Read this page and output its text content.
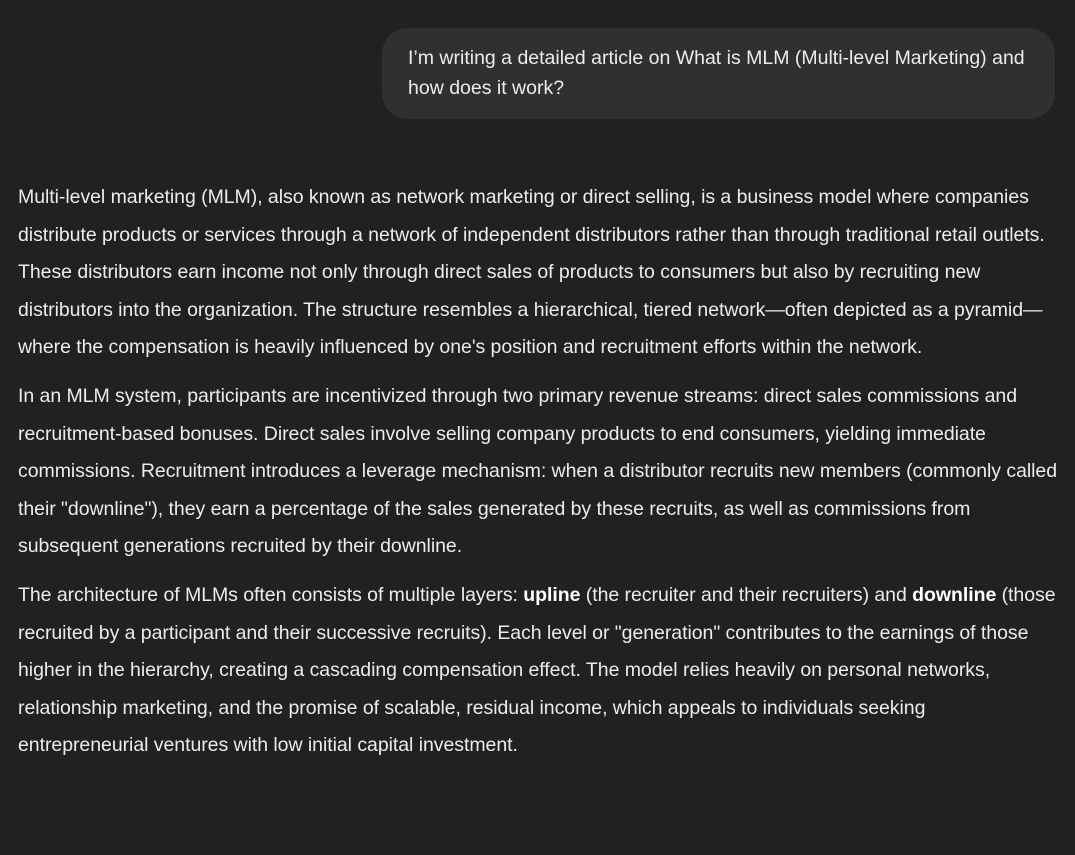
I’m writing a detailed article on What is MLM (Multi-level Marketing) and how does it work?

Multi-level marketing (MLM), also known as network marketing or direct selling, is a business model where companies distribute products or services through a network of independent distributors rather than through traditional retail outlets. These distributors earn income not only through direct sales of products to consumers but also by recruiting new distributors into the organization. The structure resembles a hierarchical, tiered network—often depicted as a pyramid—where the compensation is heavily influenced by one's position and recruitment efforts within the network.

In an MLM system, participants are incentivized through two primary revenue streams: direct sales commissions and recruitment-based bonuses. Direct sales involve selling company products to end consumers, yielding immediate commissions. Recruitment introduces a leverage mechanism: when a distributor recruits new members (commonly called their "downline"), they earn a percentage of the sales generated by these recruits, as well as commissions from subsequent generations recruited by their downline.

The architecture of MLMs often consists of multiple layers: upline (the recruiter and their recruiters) and downline (those recruited by a participant and their successive recruits). Each level or "generation" contributes to the earnings of those higher in the hierarchy, creating a cascading compensation effect. The model relies heavily on personal networks, relationship marketing, and the promise of scalable, residual income, which appeals to individuals seeking entrepreneurial ventures with low initial capital investment.
